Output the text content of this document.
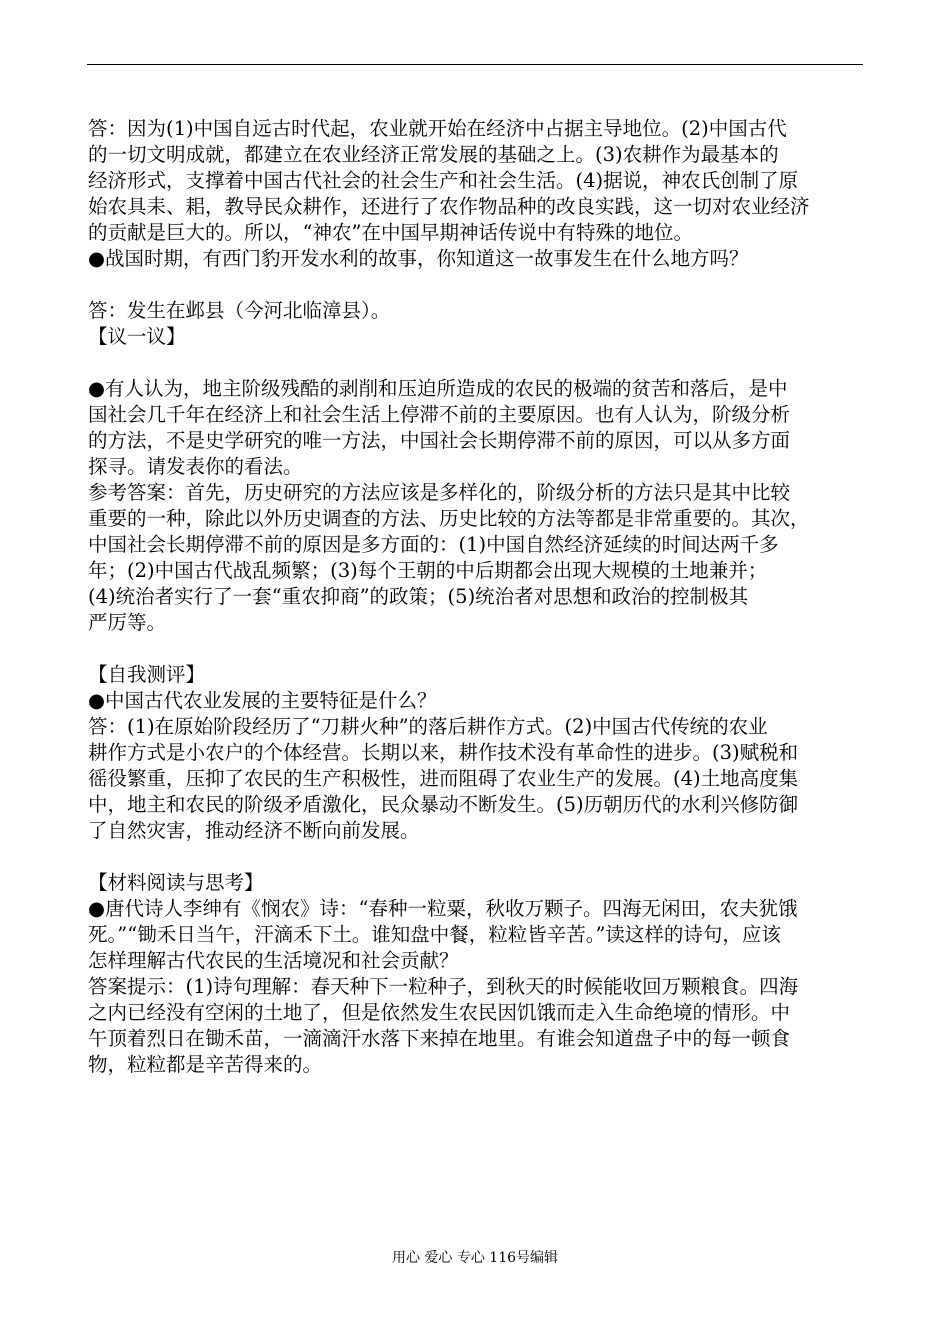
答：因为(1)中国自远古时代起，农业就开始在经济中占据主导地位。(2)中国古代
的一切文明成就，都建立在农业经济正常发展的基础之上。(3)农耕作为最基本的
经济形式，支撑着中国古代社会的社会生产和社会生活。(4)据说，神农氏创制了原
始农具耒、耜，教导民众耕作，还进行了农作物品种的改良实践，这一切对农业经济
的贡献是巨大的。所以，“神农”在中国早期神话传说中有特殊的地位。
●战国时期，有西门豹开发水利的故事，你知道这一故事发生在什么地方吗？
答：发生在邺县（今河北临漳县）。
【议一议】
●有人认为，地主阶级残酷的剥削和压迫所造成的农民的极端的贫苦和落后，是中
国社会几千年在经济上和社会生活上停滞不前的主要原因。也有人认为，阶级分析
的方法，不是史学研究的唯一方法，中国社会长期停滞不前的原因，可以从多方面
探寻。请发表你的看法。
参考答案：首先，历史研究的方法应该是多样化的，阶级分析的方法只是其中比较
重要的一种，除此以外历史调查的方法、历史比较的方法等都是非常重要的。其次，
中国社会长期停滞不前的原因是多方面的：(1)中国自然经济延续的时间达两千多
年；(2)中国古代战乱频繁；(3)每个王朝的中后期都会出现大规模的土地兼并；
(4)统治者实行了一套“重农抑商”的政策；(5)统治者对思想和政治的控制极其
严厉等。
【自我测评】
●中国古代农业发展的主要特征是什么？
答：(1)在原始阶段经历了“刀耕火种”的落后耕作方式。(2)中国古代传统的农业
耕作方式是小农户的个体经营。长期以来，耕作技术没有革命性的进步。(3)赋税和
徭役繁重，压抑了农民的生产积极性，进而阻碍了农业生产的发展。(4)土地高度集
中，地主和农民的阶级矛盾激化，民众暴动不断发生。(5)历朝历代的水利兴修防御
了自然灾害，推动经济不断向前发展。
【材料阅读与思考】
●唐代诗人李绅有《悯农》诗：“春种一粒粟，秋收万颗子。四海无闲田，农夫犹饿
死。”“锄禾日当午，汗滴禾下土。谁知盘中餐，粒粒皆辛苦。”读这样的诗句，应该
怎样理解古代农民的生活境况和社会贡献？
答案提示：(1)诗句理解：春天种下一粒种子，到秋天的时候能收回万颗粮食。四海
之内已经没有空闲的土地了，但是依然发生农民因饥饿而走入生命绝境的情形。中
午顶着烈日在锄禾苗，一滴滴汗水落下来掉在地里。有谁会知道盘子中的每一顿食
物，粒粒都是辛苦得来的。
用心 爱心 专心 116号编辑
